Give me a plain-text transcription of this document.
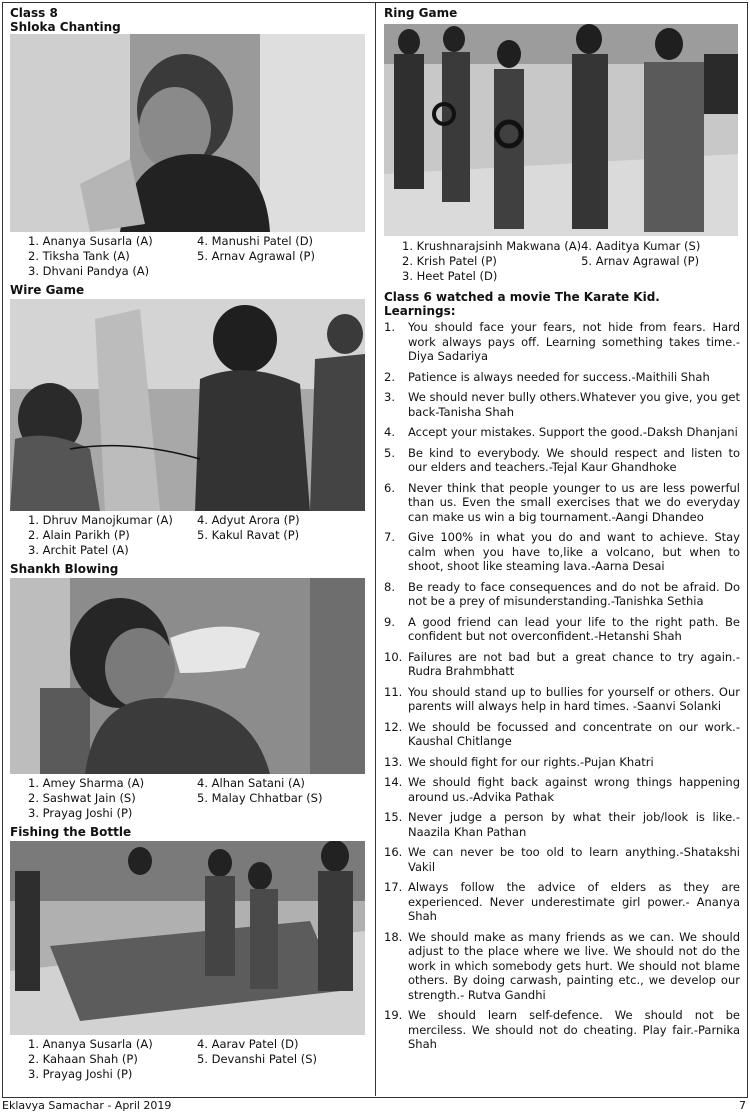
Class 8

Shloka Chanting

1. Ananya Susarla (A)
2. Tiksha Tank (A)
3. Dhvani Pandya (A)
4. Manushi Patel (D)
5. Arnav Agrawal (P)

Wire Game

1. Dhruv Manojkumar (A)
2. Alain Parikh (P)
3. Archit Patel (A)
4. Adyut Arora (P)
5. Kakul Ravat (P)

Shankh Blowing

1. Amey Sharma (A)
2. Sashwat Jain (S)
3. Prayag Joshi (P)
4. Alhan Satani (A)
5. Malay Chhatbar (S)

Fishing the Bottle

1. Ananya Susarla (A)
2. Kahaan Shah (P)
3. Prayag Joshi (P)
4. Aarav Patel (D)
5. Devanshi Patel (S)

Ring Game

1. Krushnarajsinh Makwana (A)
2. Krish Patel (P)
3. Heet Patel (D)
4. Aaditya Kumar (S)
5. Arnav Agrawal (P)

Class 6 watched a movie The Karate Kid.

Learnings:

1.	You should face your fears, not hide from fears. Hard work always pays off. Learning something takes time.- Diya Sadariya
2.	Patience is always needed for success.-Maithili Shah
3.	We should never bully others.Whatever you give, you get back-Tanisha Shah
4.	Accept your mistakes. Support the good.-Daksh Dhanjani
5.	Be kind to everybody. We should respect and listen to our elders and teachers.-Tejal Kaur Ghandhoke
6.	Never think that people younger to us are less powerful than us. Even the small exercises that we do everyday can make us win a big tournament.-Aangi Dhandeo
7.	Give 100% in what you do and want to achieve. Stay calm when you have to,like a volcano, but when to shoot, shoot like steaming lava.-Aarna Desai
8.	Be ready to face consequences and do not be afraid. Do not be a prey of misunderstanding.-Tanishka Sethia
9.	A good friend can lead your life to the right path. Be confident but not overconfident.-Hetanshi Shah
10. Failures are not bad but a great chance to try again.-Rudra Brahmbhatt
11. You should stand up to bullies for yourself or others. Our parents will always help in hard times. -Saanvi Solanki
12. We should be focussed and concentrate on our work.-Kaushal Chitlange
13. We should fight for our rights.-Pujan Khatri
14. We should fight back against wrong things happening around us.-Advika Pathak
15. Never judge a person by what their job/look is like.-Naazila Khan Pathan
16. We can never be too old to learn anything.-Shatakshi Vakil
17. Always follow the advice of elders as they are experienced. Never underestimate girl power.- Ananya Shah
18. We should make as many friends as we can. We should adjust to the place where we live. We should not do the work in which somebody gets hurt. We should not blame others. By doing carwash, painting etc., we develop our strength.- Rutva Gandhi
19. We should learn self-defence. We should not be merciless. We should not do cheating. Play fair.-Parnika Shah
Eklavya Samachar - April 2019	7
